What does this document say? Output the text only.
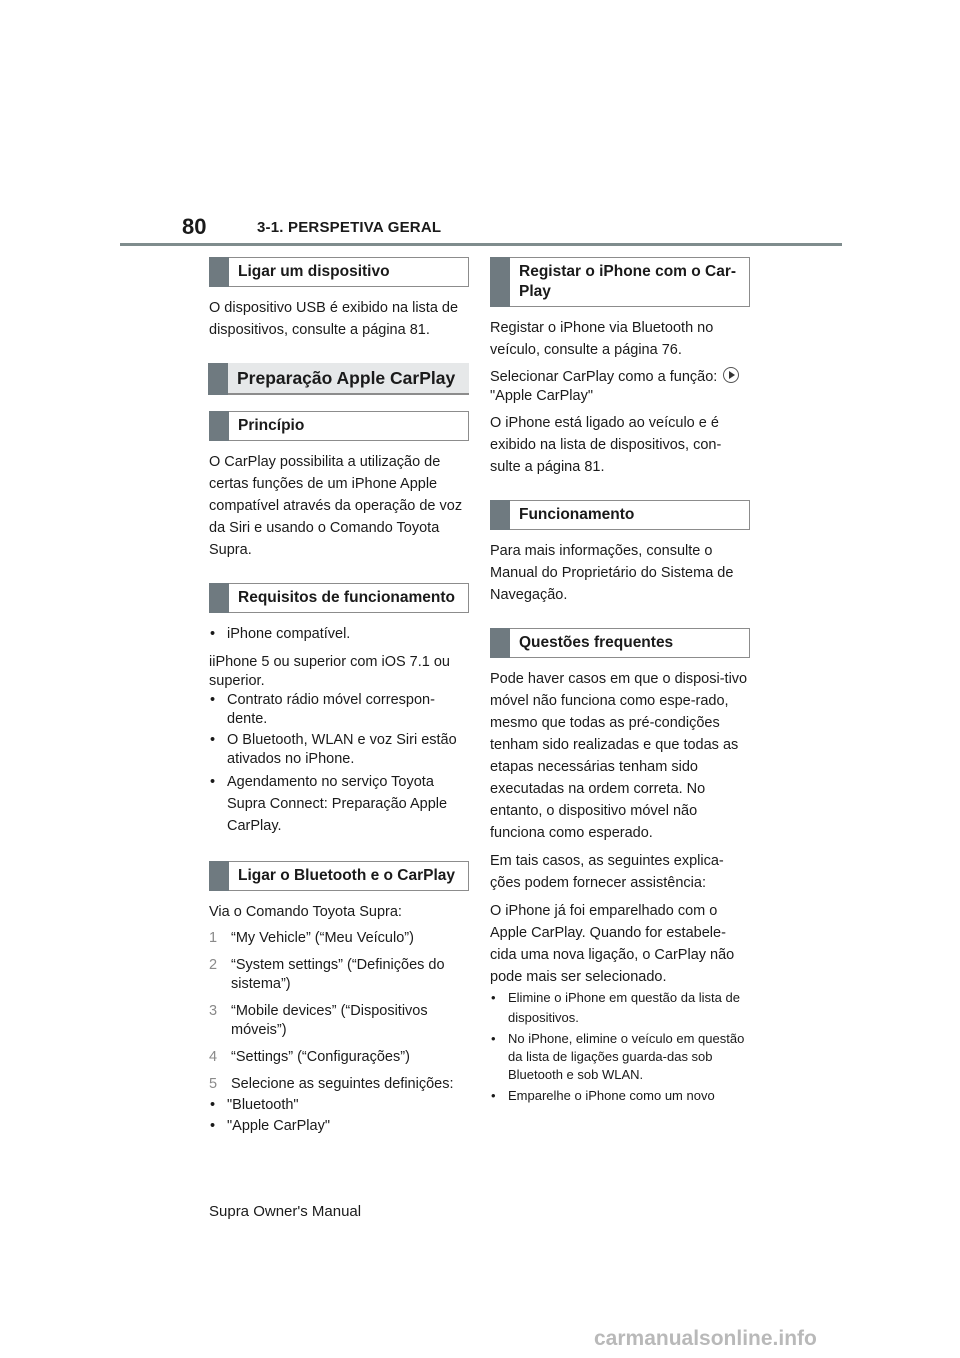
80	3-1. PERSPETIVA GERAL
Ligar um dispositivo

O dispositivo USB é exibido na lista de dispositivos, consulte a página 81.

Preparação Apple CarPlay
Princípio

O CarPlay possibilita a utilização de certas funções de um iPhone Apple compatível através da operação de voz da Siri e usando o Comando Toyota Supra.

Requisitos de funcionamento
• iPhone compatível.

iiPhone 5 ou superior com iOS 7.1 ou superior.

• Contrato rádio móvel correspon-dente.
• O Bluetooth, WLAN e voz Siri estão ativados no iPhone.
• Agendamento no serviço Toyota Supra Connect: Preparação Apple CarPlay.
Ligar o Bluetooth e o CarPlay

Via o Comando Toyota Supra:

1 “My Vehicle” (“Meu Veículo”)
2 “System settings” (“Definições do sistema”)
3 “Mobile devices” (“Dispositivos móveis”)
4 “Settings” (“Configurações”)
5 Selecione as seguintes definições:
• "Bluetooth"
• "Apple CarPlay"
Registar o iPhone com o Car-Play

Registar o iPhone via Bluetooth no veículo, consulte a página 76.

Selecionar CarPlay como a função:
"Apple CarPlay"

O iPhone está ligado ao veículo e é exibido na lista de dispositivos, con-sulte a página 81.

Funcionamento

Para mais informações, consulte o Manual do Proprietário do Sistema de Navegação.

Questões frequentes

Pode haver casos em que o disposi-tivo móvel não funciona como espe-rado, mesmo que todas as pré-condições tenham sido realizadas e que todas as etapas necessárias tenham sido executadas na ordem correta. No entanto, o dispositivo móvel não funciona como esperado.

Em tais casos, as seguintes explica-ções podem fornecer assistência:

O iPhone já foi emparelhado com o Apple CarPlay. Quando for estabele-cida uma nova ligação, o CarPlay não pode mais ser selecionado.

• Elimine o iPhone em questão da lista de dispositivos.
• No iPhone, elimine o veículo em questão da lista de ligações guarda-das sob Bluetooth e sob WLAN.
• Emparelhe o iPhone como um novo
Supra Owner's Manual
carmanualsonline.info
